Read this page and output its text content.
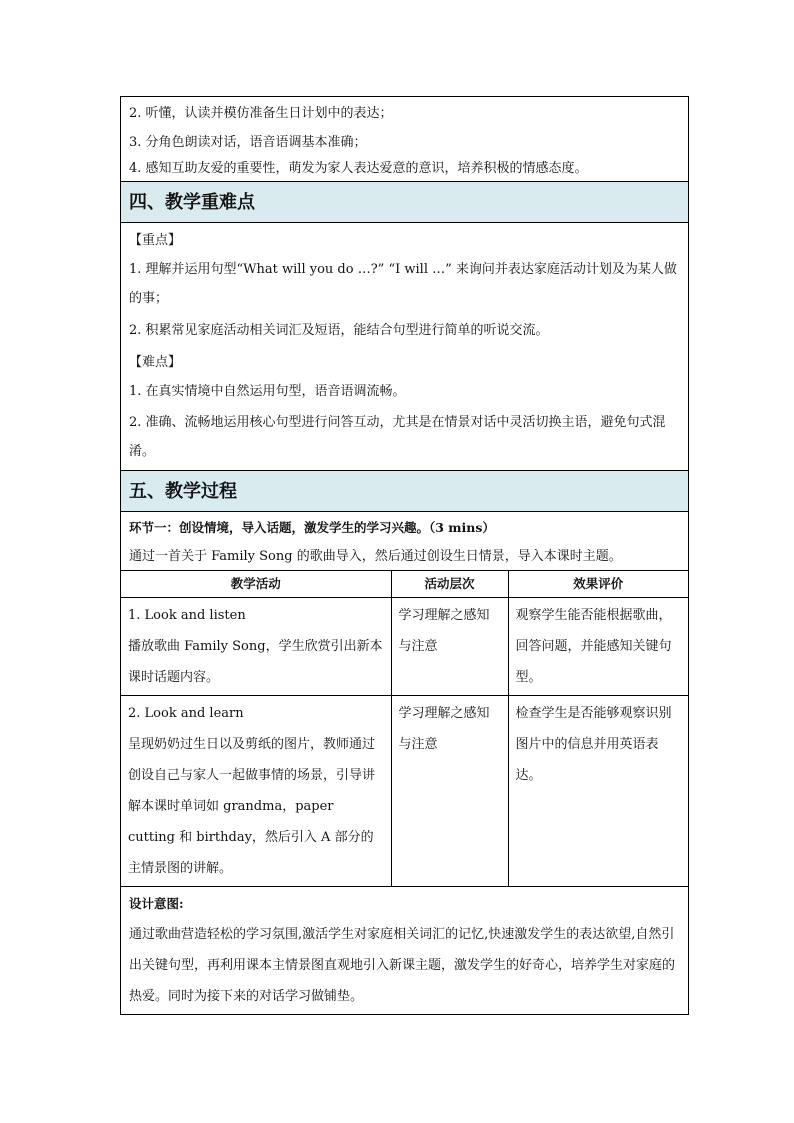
2. 听懂，认读并模仿准备生日计划中的表达；

3. 分角色朗读对话，语音语调基本准确；

4. 感知互助友爱的重要性，萌发为家人表达爱意的意识，培养积极的情感态度。

四、教学重难点

【重点】

1. 理解并运用句型“What will you do …?” “I will …” 来询问并表达家庭活动计划及为某人做的事；

2. 积累常见家庭活动相关词汇及短语，能结合句型进行简单的听说交流。

【难点】

1. 在真实情境中自然运用句型，语音语调流畅。

2. 准确、流畅地运用核心句型进行问答互动，尤其是在情景对话中灵活切换主语，避免句式混淆。

五、教学过程

环节一：创设情境，导入话题，激发学生的学习兴趣。（3 mins）

通过一首关于 Family Song 的歌曲导入，然后通过创设生日情景，导入本课时主题。

教学活动	活动层次	效果评价
1. Look and listen
播放歌曲 Family Song，学生欣赏引出新本课时话题内容。	学习理解之感知与注意	观察学生能否能根据歌曲，回答问题，并能感知关键句型。
2. Look and learn
呈现奶奶过生日以及剪纸的图片，教师通过创设自己与家人一起做事情的场景，引导讲解本课时单词如 grandma，paper cutting 和 birthday，然后引入 A 部分的主情景图的讲解。	学习理解之感知与注意	检查学生是否能够观察识别图片中的信息并用英语表达。

设计意图:

通过歌曲营造轻松的学习氛围,激活学生对家庭相关词汇的记忆,快速激发学生的表达欲望,自然引出关键句型，再利用课本主情景图直观地引入新课主题，激发学生的好奇心，培养学生对家庭的热爱。同时为接下来的对话学习做铺垫。
